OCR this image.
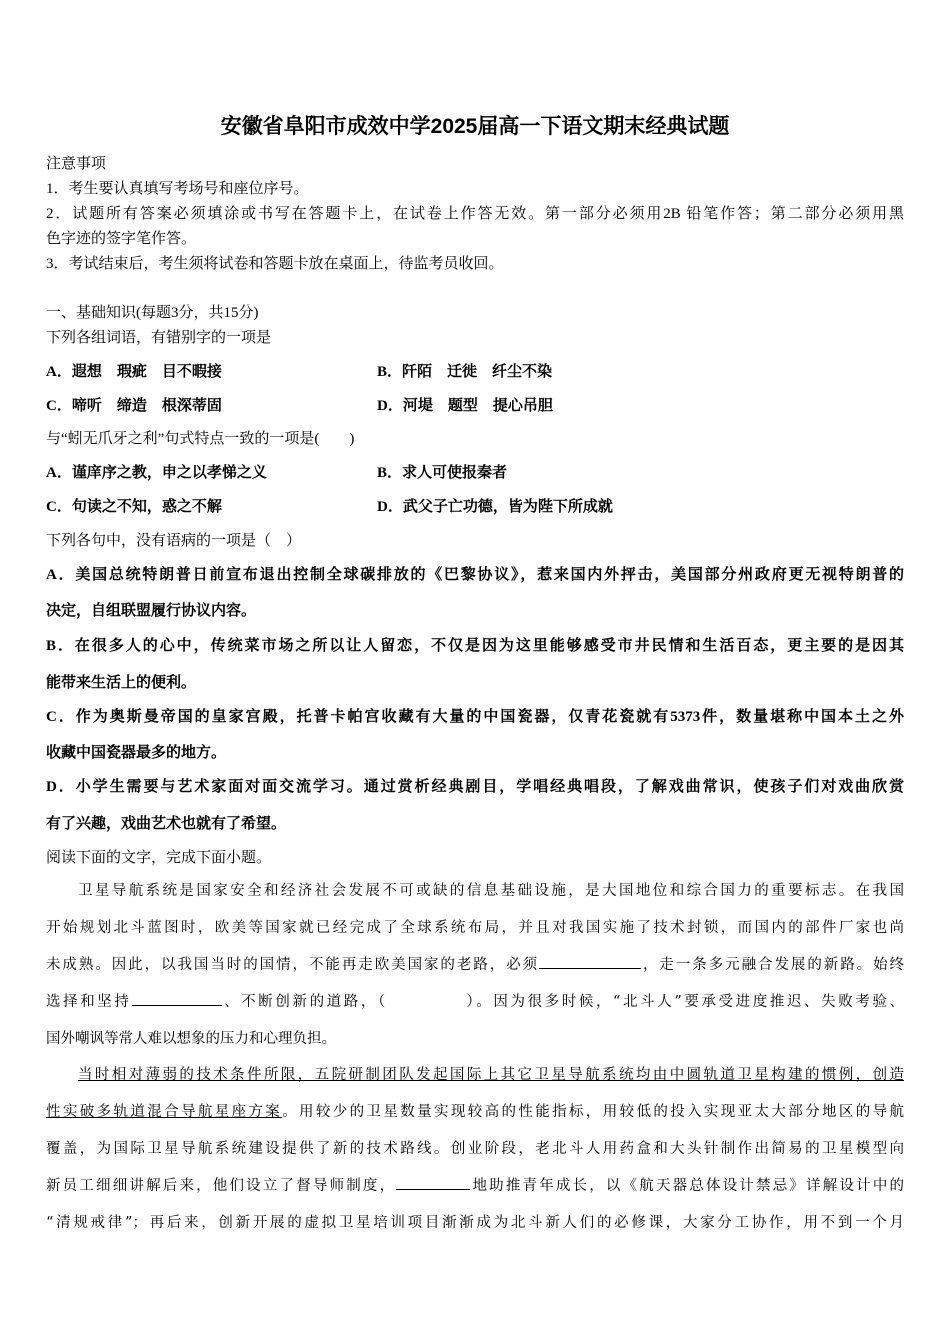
安徽省阜阳市成效中学2025届高一下语文期末经典试题
注意事项
1．考生要认真填写考场号和座位序号。
2．试题所有答案必须填涂或书写在答题卡上，在试卷上作答无效。第一部分必须用2B 铅笔作答；第二部分必须用黑
色字迹的签字笔作答。
3．考试结束后，考生须将试卷和答题卡放在桌面上，待监考员收回。
一、基础知识(每题3分，共15分)
下列各组词语，有错别字的一项是
A．遐想　瑕疵　目不暇接	B．阡陌　迁徙　纤尘不染
C．啼听　缔造　根深蒂固	D．河堤　题型　提心吊胆
与“蚓无爪牙之利”句式特点一致的一项是(　　)
A．谨庠序之教，申之以孝悌之义	B．求人可使报秦者
C．句读之不知，惑之不解	D．武父子亡功德，皆为陛下所成就
下列各句中，没有语病的一项是（　）
A．美国总统特朗普日前宣布退出控制全球碳排放的《巴黎协议》，惹来国内外抨击，美国部分州政府更无视特朗普的
决定，自组联盟履行协议内容。
B．在很多人的心中，传统菜市场之所以让人留恋，不仅是因为这里能够感受市井民情和生活百态，更主要的是因其
能带来生活上的便利。
C．作为奥斯曼帝国的皇家宫殿，托普卡帕宫收藏有大量的中国瓷器，仅青花瓷就有5373件，数量堪称中国本土之外
收藏中国瓷器最多的地方。
D．小学生需要与艺术家面对面交流学习。通过赏析经典剧目，学唱经典唱段，了解戏曲常识，使孩子们对戏曲欣赏
有了兴趣，戏曲艺术也就有了希望。
阅读下面的文字，完成下面小题。
卫星导航系统是国家安全和经济社会发展不可或缺的信息基础设施，是大国地位和综合国力的重要标志。在我国
开始规划北斗蓝图时，欧美等国家就已经完成了全球系统布局，并且对我国实施了技术封锁，而国内的部件厂家也尚
未成熟。因此，以我国当时的国情，不能再走欧美国家的老路，必须	，走一条多元融合发展的新路。始终
选择和坚持	、不断创新的道路，（	）。因为很多时候，“北斗人”要承受进度推迟、失败考验、
国外嘲讽等常人难以想象的压力和心理负担。
当时相对薄弱的技术条件所限，五院研制团队发起国际上其它卫星导航系统均由中圆轨道卫星构建的惯例，创造
性实破多轨道混合导航星座方案。用较少的卫星数量实现较高的性能指标，用较低的投入实现亚太大部分地区的导航
覆盖，为国际卫星导航系统建设提供了新的技术路线。创业阶段，老北斗人用药盒和大头针制作出简易的卫星模型向
新员工细细讲解后来，他们设立了督导师制度，	地助推青年成长，以《航天器总体设计禁忌》详解设计中的
“清规戒律”；再后来，创新开展的虚拟卫星培训项目渐渐成为北斗新人们的必修课，大家分工协作，用不到一个月
